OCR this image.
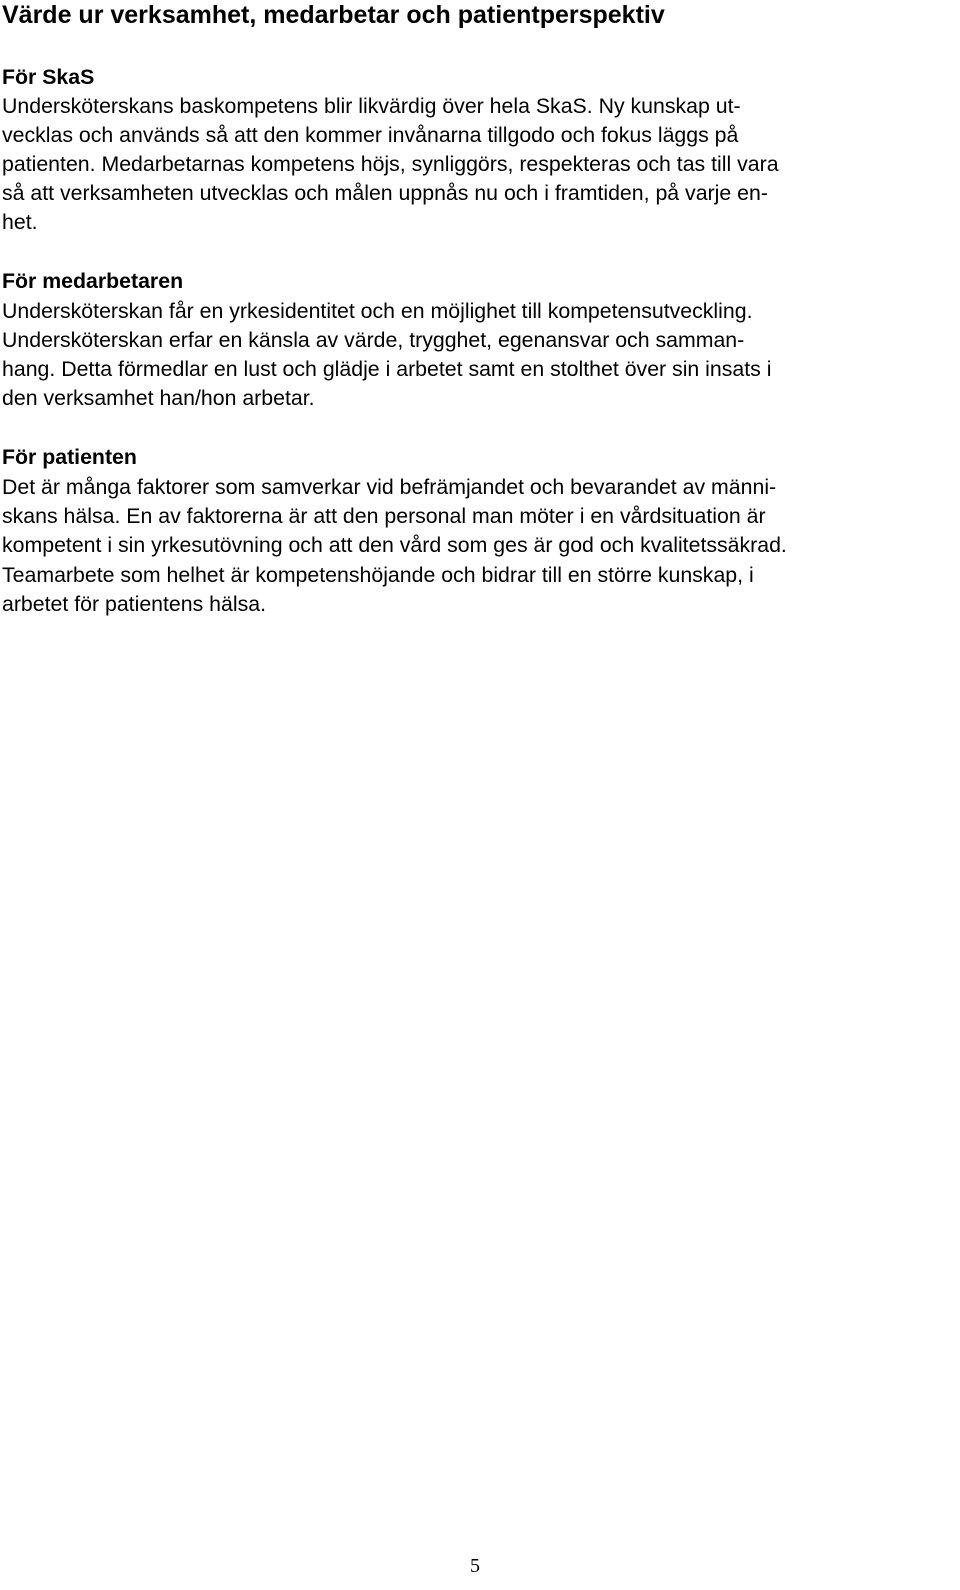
Värde ur verksamhet, medarbetar och patientperspektiv

För SkaS

Undersköterskans baskompetens blir likvärdig över hela SkaS. Ny kunskap ut-

vecklas och används så att den kommer invånarna tillgodo och fokus läggs på

patienten. Medarbetarnas kompetens höjs, synliggörs, respekteras och tas till vara

så att verksamheten utvecklas och målen uppnås nu och i framtiden, på varje en-

het.

För medarbetaren

Undersköterskan får en yrkesidentitet och en möjlighet till kompetensutveckling.

Undersköterskan erfar en känsla av värde, trygghet, egenansvar och samman-

hang. Detta förmedlar en lust och glädje i arbetet samt en stolthet över sin insats i

den verksamhet han/hon arbetar.

För patienten

Det är många faktorer som samverkar vid befrämjandet och bevarandet av männi-

skans hälsa. En av faktorerna är att den personal man möter i en vårdsituation är

kompetent i sin yrkesutövning och att den vård som ges är god och kvalitetssäkrad.

Teamarbete som helhet är kompetenshöjande och bidrar till en större kunskap, i

arbetet för patientens hälsa.

5
